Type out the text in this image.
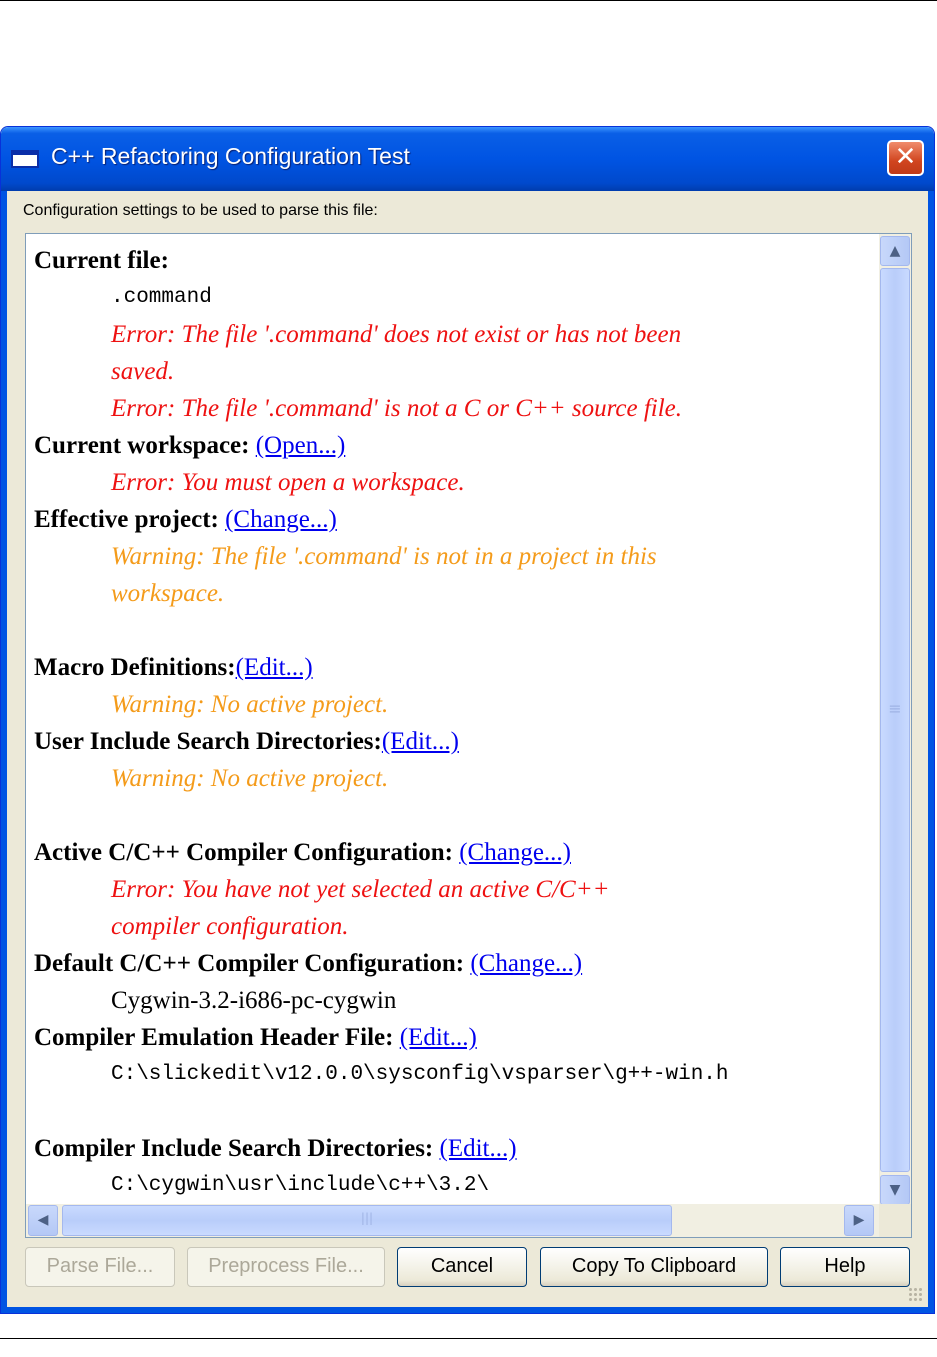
C++ Refactoring Configuration Test	✕
Configuration settings to be used to parse this file:
Current file:
.command
Error: The file '.command' does not exist or has not been
saved.
Error: The file '.command' is not a C or C++ source file.
Current workspace: (Open...)
Error: You must open a workspace.
Effective project: (Change...)
Warning: The file '.command' is not in a project in this
workspace.
Macro Definitions:(Edit...)
Warning: No active project.
User Include Search Directories:(Edit...)
Warning: No active project.
Active C/C++ Compiler Configuration: (Change...)
Error: You have not yet selected an active C/C++
compiler configuration.
Default C/C++ Compiler Configuration: (Change...)
Cygwin-3.2-i686-pc-cygwin
Compiler Emulation Header File: (Edit...)
C:\slickedit\v12.0.0\sysconfig\vsparser\g++-win.h
Compiler Include Search Directories: (Edit...)
C:\cygwin\usr\include\c++\3.2\
▲
≡
▼
◀	|||	▶
Parse File...	Preprocess File...	Cancel	Copy To Clipboard	Help
